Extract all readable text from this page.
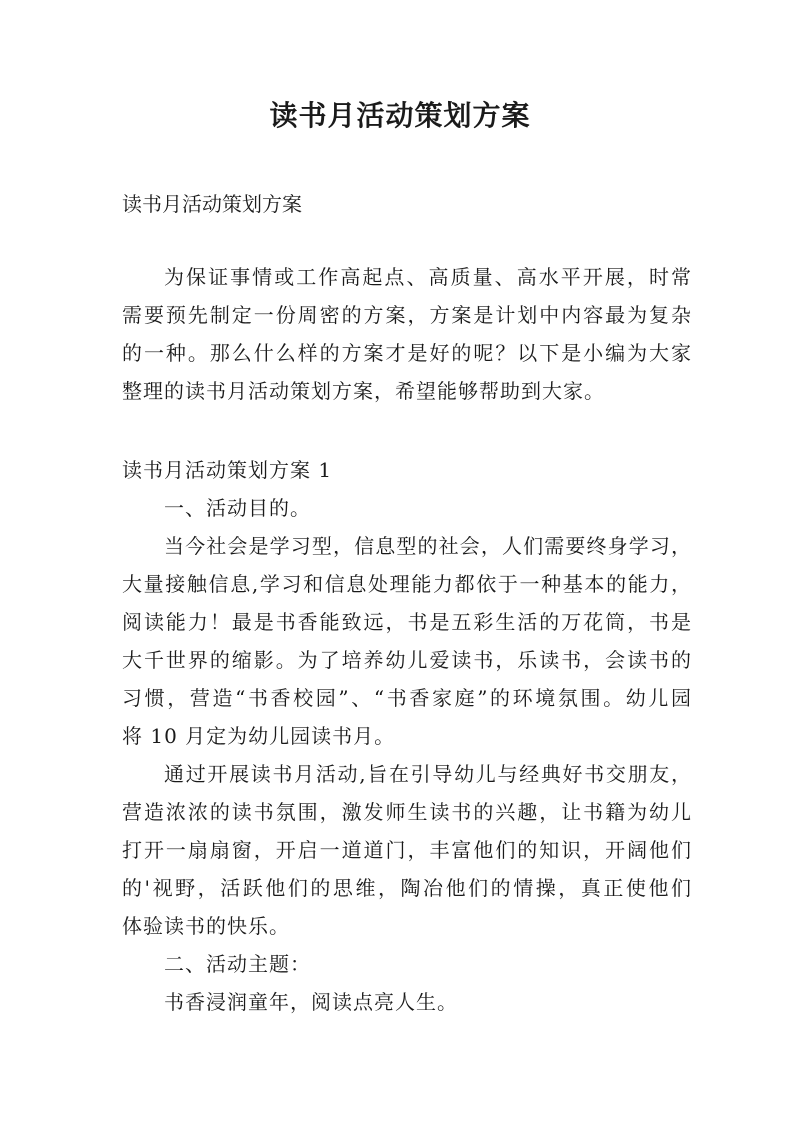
读书月活动策划方案
读书月活动策划方案
为保证事情或工作高起点、高质量、高水平开展，时常
需要预先制定一份周密的方案，方案是计划中内容最为复杂
的一种。那么什么样的方案才是好的呢？以下是小编为大家
整理的读书月活动策划方案，希望能够帮助到大家。
读书月活动策划方案 1
一、活动目的。
当今社会是学习型，信息型的社会，人们需要终身学习，
大量接触信息,学习和信息处理能力都依于一种基本的能力，
阅读能力！最是书香能致远，书是五彩生活的万花筒，书是
大千世界的缩影。为了培养幼儿爱读书，乐读书，会读书的
习惯，营造“书香校园”、“书香家庭”的环境氛围。幼儿园
将 10 月定为幼儿园读书月。
通过开展读书月活动,旨在引导幼儿与经典好书交朋友，
营造浓浓的读书氛围，激发师生读书的兴趣，让书籍为幼儿
打开一扇扇窗，开启一道道门，丰富他们的知识，开阔他们
的'视野，活跃他们的思维，陶冶他们的情操，真正使他们
体验读书的快乐。
二、活动主题：
书香浸润童年，阅读点亮人生。
